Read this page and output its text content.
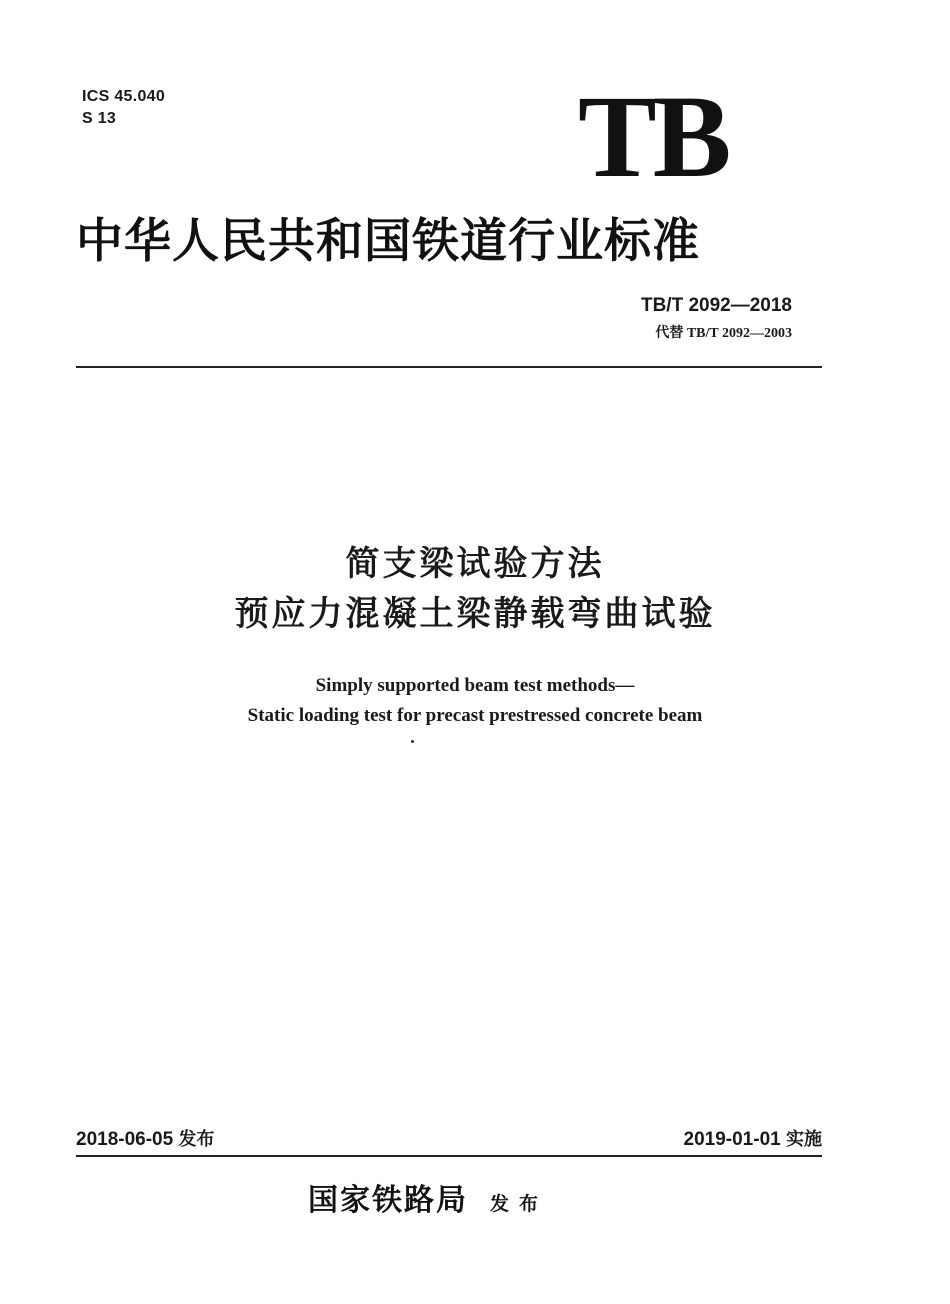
ICS 45.040
S 13	TB
中华人民共和国铁道行业标准
TB/T 2092—2018
代替 TB/T 2092—2003
简支梁试验方法
预应力混凝土梁静载弯曲试验
Simply supported beam test methods—
Static loading test for precast prestressed concrete beam
2018-06-05 发布	2019-01-01 实施
国家铁路局 发布
